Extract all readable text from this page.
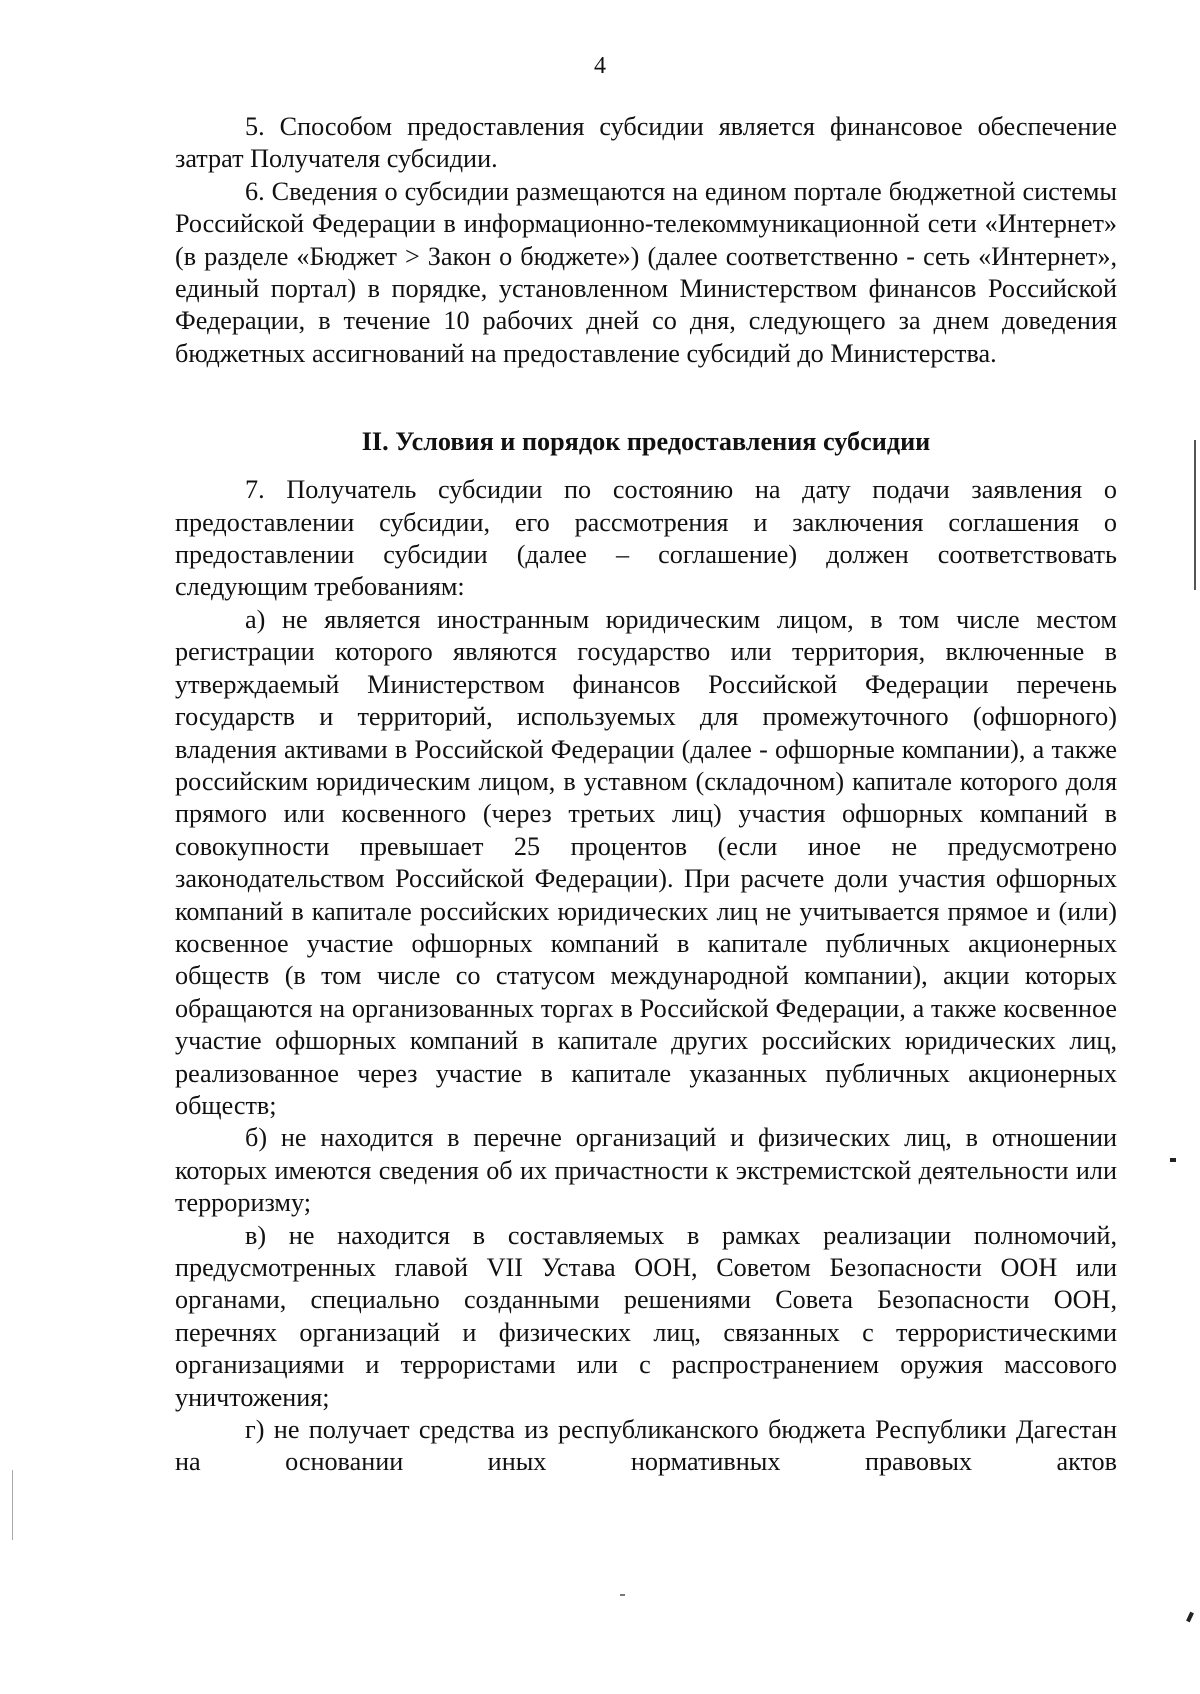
4

5. Способом предоставления субсидии является финансовое обеспечение затрат Получателя субсидии.

6. Сведения о субсидии размещаются на едином портале бюджетной системы Российской Федерации в информационно-телекоммуникационной сети «Интернет» (в разделе «Бюджет > Закон о бюджете») (далее соответственно - сеть «Интернет», единый портал) в порядке, установленном Министерством финансов Российской Федерации, в течение 10 рабочих дней со дня, следующего за днем доведения бюджетных ассигнований на предоставление субсидий до Министерства.

II. Условия и порядок предоставления субсидии

7. Получатель субсидии по состоянию на дату подачи заявления о предоставлении субсидии, его рассмотрения и заключения соглашения о предоставлении субсидии (далее – соглашение) должен соответствовать следующим требованиям:

а) не является иностранным юридическим лицом, в том числе местом регистрации которого являются государство или территория, включенные в утверждаемый Министерством финансов Российской Федерации перечень государств и территорий, используемых для промежуточного (офшорного) владения активами в Российской Федерации (далее - офшорные компании), а также российским юридическим лицом, в уставном (складочном) капитале которого доля прямого или косвенного (через третьих лиц) участия офшорных компаний в совокупности превышает 25 процентов (если иное не предусмотрено законодательством Российской Федерации). При расчете доли участия офшорных компаний в капитале российских юридических лиц не учитывается прямое и (или) косвенное участие офшорных компаний в капитале публичных акционерных обществ (в том числе со статусом международной компании), акции которых обращаются на организованных торгах в Российской Федерации, а также косвенное участие офшорных компаний в капитале других российских юридических лиц, реализованное через участие в капитале указанных публичных акционерных обществ;

б) не находится в перечне организаций и физических лиц, в отношении которых имеются сведения об их причастности к экстремистской деятельности или терроризму;

в) не находится в составляемых в рамках реализации полномочий, предусмотренных главой VII Устава ООН, Советом Безопасности ООН или органами, специально созданными решениями Совета Безопасности ООН, перечнях организаций и физических лиц, связанных с террористическими организациями и террористами или с распространением оружия массового уничтожения;

г) не получает средства из республиканского бюджета Республики Дагестан на основании иных нормативных правовых актов
